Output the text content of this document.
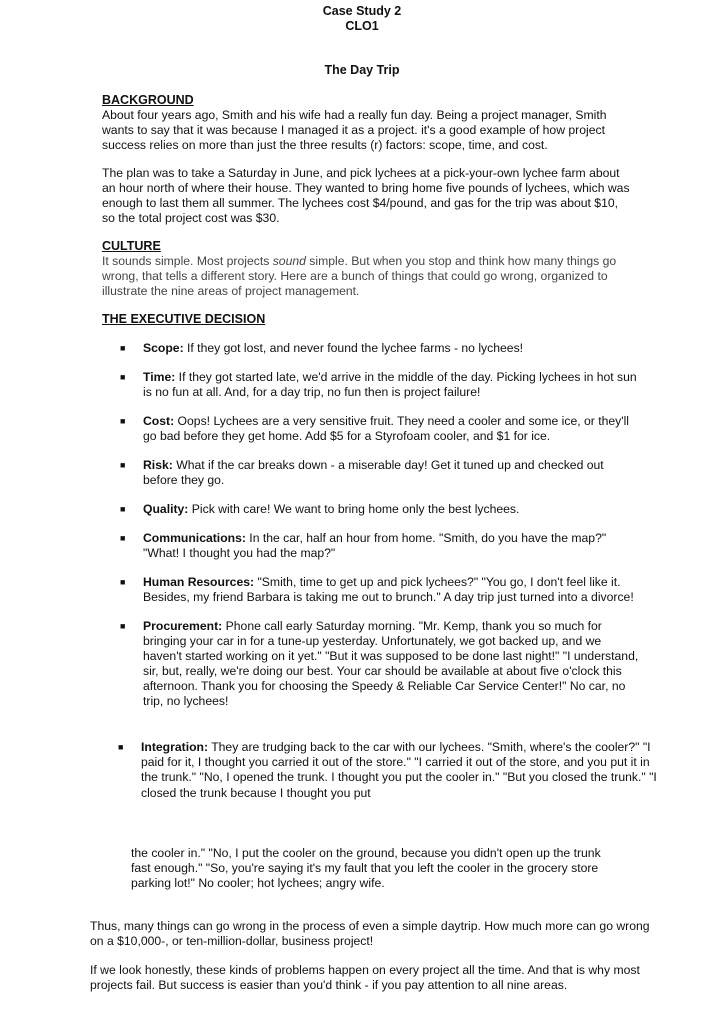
Case Study 2
CLO1
The Day Trip
BACKGROUND
About four years ago, Smith and his wife had a really fun day. Being a project manager, Smith wants to say that it was because I managed it as a project. it's a good example of how project success relies on more than just the three results (r) factors: scope, time, and cost.
The plan was to take a Saturday in June, and pick lychees at a pick-your-own lychee farm about an hour north of where their house. They wanted to bring home five pounds of lychees, which was enough to last them all summer. The lychees cost $4/pound, and gas for the trip was about $10, so the total project cost was $30.
CULTURE
It sounds simple. Most projects sound simple. But when you stop and think how many things go wrong, that tells a different story. Here are a bunch of things that could go wrong, organized to illustrate the nine areas of project management.
THE EXECUTIVE DECISION
■ Scope: If they got lost, and never found the lychee farms - no lychees!
■ Time: If they got started late, we'd arrive in the middle of the day. Picking lychees in hot sun is no fun at all. And, for a day trip, no fun then is project failure!
■ Cost: Oops! Lychees are a very sensitive fruit. They need a cooler and some ice, or they'll go bad before they get home. Add $5 for a Styrofoam cooler, and $1 for ice.
■ Risk: What if the car breaks down - a miserable day! Get it tuned up and checked out before they go.
■ Quality: Pick with care! We want to bring home only the best lychees.
■ Communications: In the car, half an hour from home. "Smith, do you have the map?" "What! I thought you had the map?"
■ Human Resources: "Smith, time to get up and pick lychees?" "You go, I don't feel like it. Besides, my friend Barbara is taking me out to brunch." A day trip just turned into a divorce!
■ Procurement: Phone call early Saturday morning. "Mr. Kemp, thank you so much for bringing your car in for a tune-up yesterday. Unfortunately, we got backed up, and we haven't started working on it yet." "But it was supposed to be done last night!" "I understand, sir, but, really, we're doing our best. Your car should be available at about five o'clock this afternoon. Thank you for choosing the Speedy & Reliable Car Service Center!" No car, no trip, no lychees!
■ Integration: They are trudging back to the car with our lychees. "Smith, where's the cooler?" "I paid for it, I thought you carried it out of the store." "I carried it out of the store, and you put it in the trunk." "No, I opened the trunk. I thought you put the cooler in." "But you closed the trunk." "I closed the trunk because I thought you put
the cooler in." "No, I put the cooler on the ground, because you didn't open up the trunk fast enough." "So, you're saying it's my fault that you left the cooler in the grocery store parking lot!" No cooler; hot lychees; angry wife.
Thus, many things can go wrong in the process of even a simple daytrip. How much more can go wrong on a $10,000-, or ten-million-dollar, business project!
If we look honestly, these kinds of problems happen on every project all the time. And that is why most projects fail. But success is easier than you'd think - if you pay attention to all nine areas.
